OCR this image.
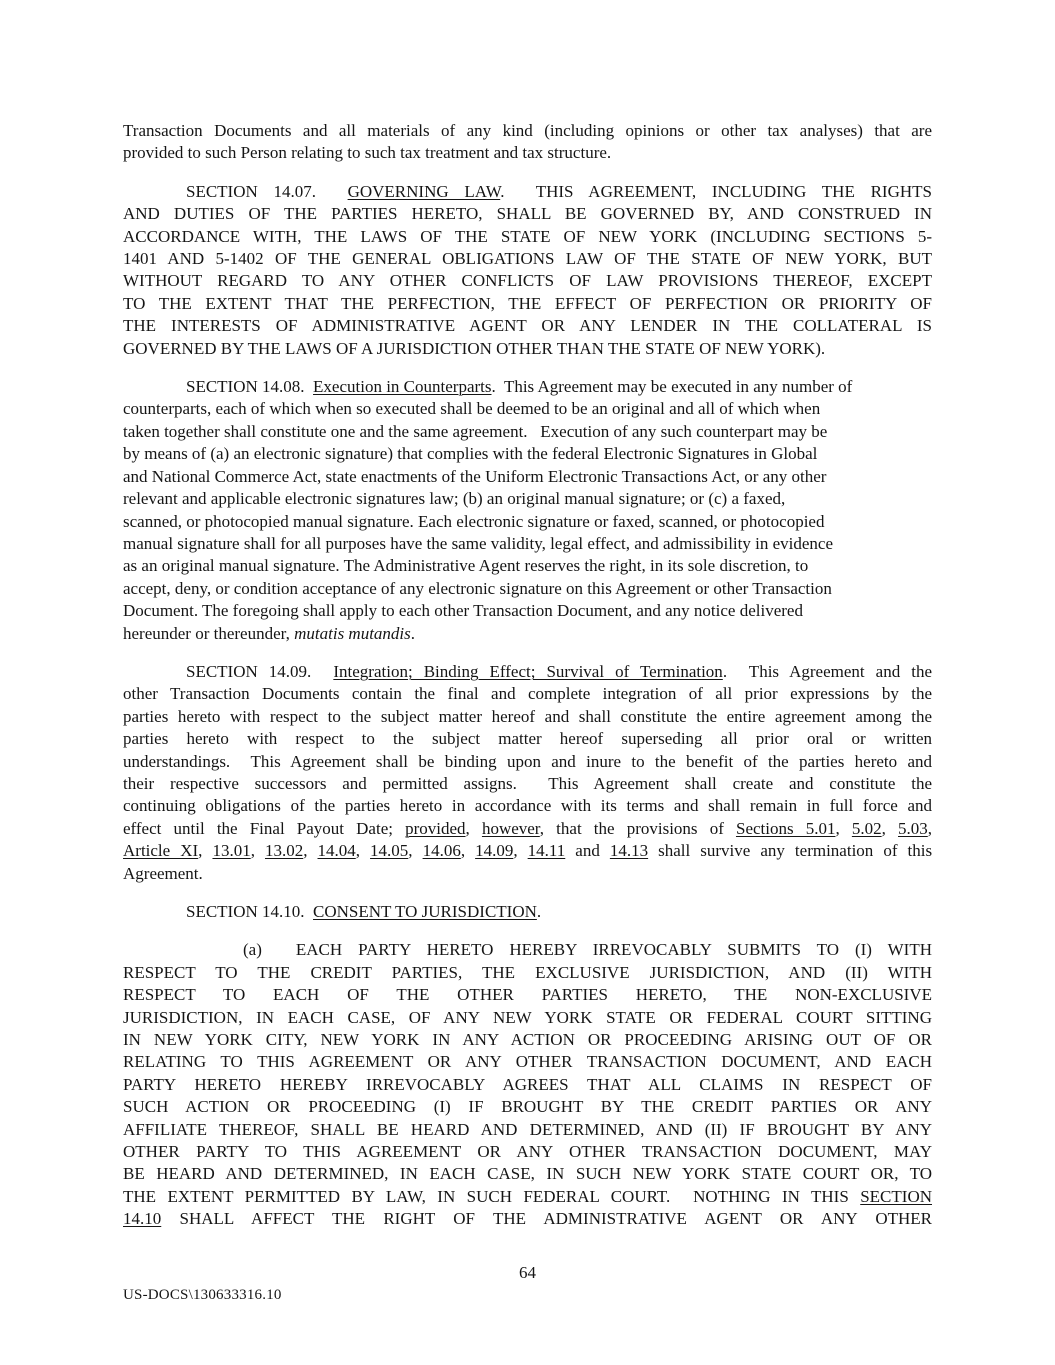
Transaction Documents and all materials of any kind (including opinions or other tax analyses) that are
provided to such Person relating to such tax treatment and tax structure.
SECTION 14.07.  GOVERNING LAW.  THIS AGREEMENT, INCLUDING THE RIGHTS
AND DUTIES OF THE PARTIES HERETO, SHALL BE GOVERNED BY, AND CONSTRUED IN
ACCORDANCE WITH, THE LAWS OF THE STATE OF NEW YORK (INCLUDING SECTIONS 5-
1401 AND 5-1402 OF THE GENERAL OBLIGATIONS LAW OF THE STATE OF NEW YORK, BUT
WITHOUT REGARD TO ANY OTHER CONFLICTS OF LAW PROVISIONS THEREOF, EXCEPT
TO THE EXTENT THAT THE PERFECTION, THE EFFECT OF PERFECTION OR PRIORITY OF
THE INTERESTS OF ADMINISTRATIVE AGENT OR ANY LENDER IN THE COLLATERAL IS
GOVERNED BY THE LAWS OF A JURISDICTION OTHER THAN THE STATE OF NEW YORK).
SECTION 14.08.  Execution in Counterparts.  This Agreement may be executed in any number of
counterparts, each of which when so executed shall be deemed to be an original and all of which when
taken together shall constitute one and the same agreement.   Execution of any such counterpart may be
by means of (a) an electronic signature) that complies with the federal Electronic Signatures in Global
and National Commerce Act, state enactments of the Uniform Electronic Transactions Act, or any other
relevant and applicable electronic signatures law; (b) an original manual signature; or (c) a faxed,
scanned, or photocopied manual signature. Each electronic signature or faxed, scanned, or photocopied
manual signature shall for all purposes have the same validity, legal effect, and admissibility in evidence
as an original manual signature. The Administrative Agent reserves the right, in its sole discretion, to
accept, deny, or condition acceptance of any electronic signature on this Agreement or other Transaction
Document. The foregoing shall apply to each other Transaction Document, and any notice delivered
hereunder or thereunder, mutatis mutandis.
SECTION 14.09.  Integration; Binding Effect; Survival of Termination.  This Agreement and the
other Transaction Documents contain the final and complete integration of all prior expressions by the
parties hereto with respect to the subject matter hereof and shall constitute the entire agreement among the
parties hereto with respect to the subject matter hereof superseding all prior oral or written
understandings.  This Agreement shall be binding upon and inure to the benefit of the parties hereto and
their respective successors and permitted assigns.  This Agreement shall create and constitute the
continuing obligations of the parties hereto in accordance with its terms and shall remain in full force and
effect until the Final Payout Date; provided, however, that the provisions of Sections 5.01, 5.02, 5.03,
Article XI, 13.01, 13.02, 14.04, 14.05, 14.06, 14.09, 14.11 and 14.13 shall survive any termination of this
Agreement.
SECTION 14.10.  CONSENT TO JURISDICTION.
(a) EACH PARTY HERETO HEREBY IRREVOCABLY SUBMITS TO (I) WITH
RESPECT TO THE CREDIT PARTIES, THE EXCLUSIVE JURISDICTION, AND (II) WITH
RESPECT TO EACH OF THE OTHER PARTIES HERETO, THE NON-EXCLUSIVE
JURISDICTION, IN EACH CASE, OF ANY NEW YORK STATE OR FEDERAL COURT SITTING
IN NEW YORK CITY, NEW YORK IN ANY ACTION OR PROCEEDING ARISING OUT OF OR
RELATING TO THIS AGREEMENT OR ANY OTHER TRANSACTION DOCUMENT, AND EACH
PARTY HERETO HEREBY IRREVOCABLY AGREES THAT ALL CLAIMS IN RESPECT OF
SUCH ACTION OR PROCEEDING (I) IF BROUGHT BY THE CREDIT PARTIES OR ANY
AFFILIATE THEREOF, SHALL BE HEARD AND DETERMINED, AND (II) IF BROUGHT BY ANY
OTHER PARTY TO THIS AGREEMENT OR ANY OTHER TRANSACTION DOCUMENT, MAY
BE HEARD AND DETERMINED, IN EACH CASE, IN SUCH NEW YORK STATE COURT OR, TO
THE EXTENT PERMITTED BY LAW, IN SUCH FEDERAL COURT.  NOTHING IN THIS SECTION
14.10 SHALL AFFECT THE RIGHT OF THE ADMINISTRATIVE AGENT OR ANY OTHER
64
US-DOCS\130633316.10
